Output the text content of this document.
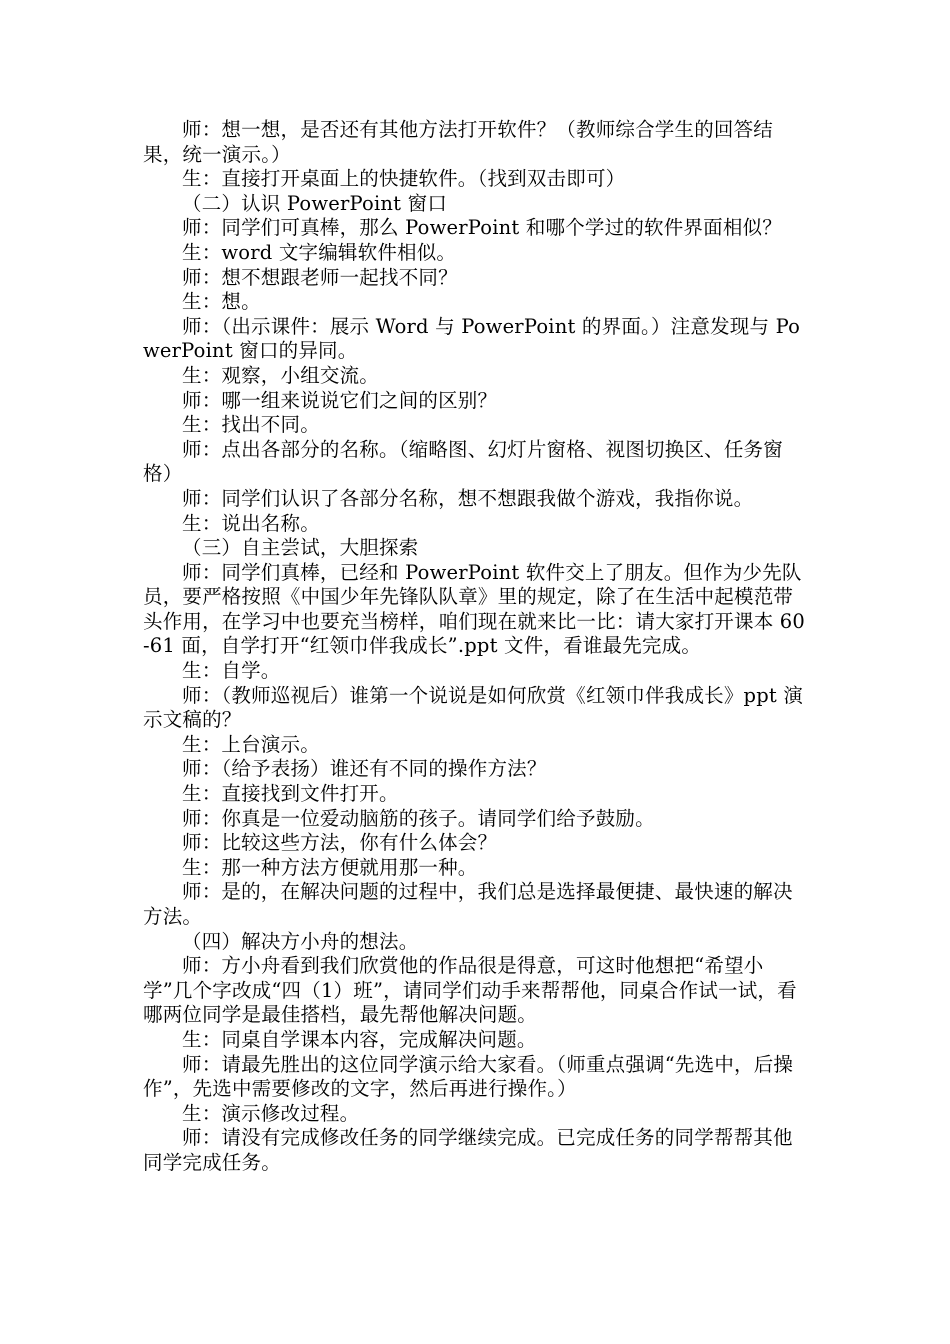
师：想一想，是否还有其他方法打开软件？（教师综合学生的回答结果，统一演示。）

生：直接打开桌面上的快捷软件。（找到双击即可）

（二）认识 PowerPoint 窗口

师：同学们可真棒，那么 PowerPoint 和哪个学过的软件界面相似？

生：word 文字编辑软件相似。

师：想不想跟老师一起找不同？

生：想。

师：（出示课件：展示 Word 与 PowerPoint 的界面。）注意发现与 PowerPoint 窗口的异同。

生：观察，小组交流。

师：哪一组来说说它们之间的区别？

生：找出不同。

师：点出各部分的名称。（缩略图、幻灯片窗格、视图切换区、任务窗格）

师：同学们认识了各部分名称，想不想跟我做个游戏，我指你说。

生：说出名称。

（三）自主尝试，大胆探索

师：同学们真棒，已经和 PowerPoint 软件交上了朋友。但作为少先队员，要严格按照《中国少年先锋队队章》里的规定，除了在生活中起模范带头作用，在学习中也要充当榜样，咱们现在就来比一比：请大家打开课本 60-61 面，自学打开“红领巾伴我成长”.ppt 文件，看谁最先完成。

生：自学。

师：（教师巡视后）谁第一个说说是如何欣赏《红领巾伴我成长》ppt 演示文稿的？

生：上台演示。

师：（给予表扬）谁还有不同的操作方法？

生：直接找到文件打开。

师：你真是一位爱动脑筋的孩子。请同学们给予鼓励。

师：比较这些方法，你有什么体会？

生：那一种方法方便就用那一种。

师：是的，在解决问题的过程中，我们总是选择最便捷、最快速的解决方法。

（四）解决方小舟的想法。

师：方小舟看到我们欣赏他的作品很是得意，可这时他想把“希望小学”几个字改成“四（1）班”，请同学们动手来帮帮他，同桌合作试一试，看哪两位同学是最佳搭档，最先帮他解决问题。

生：同桌自学课本内容，完成解决问题。

师：请最先胜出的这位同学演示给大家看。（师重点强调“先选中，后操作”，先选中需要修改的文字，然后再进行操作。）

生：演示修改过程。

师：请没有完成修改任务的同学继续完成。已完成任务的同学帮帮其他同学完成任务。
